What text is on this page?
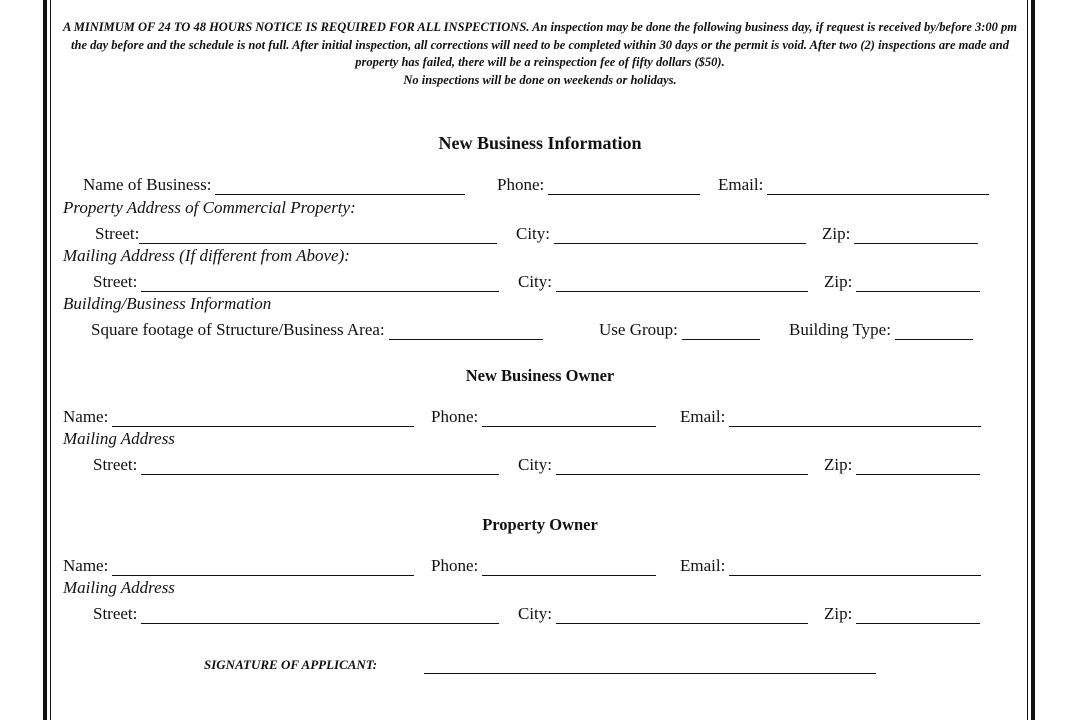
A MINIMUM OF 24 TO 48 HOURS NOTICE IS REQUIRED FOR ALL INSPECTIONS. An inspection may be done the following business day, if request is received by/before 3:00 pm the day before and the schedule is not full. After initial inspection, all corrections will need to be completed within 30 days or the permit is void. After two (2) inspections are made and property has failed, there will be a reinspection fee of fifty dollars ($50).
No inspections will be done on weekends or holidays.
New Business Information
Name of Business:	Phone:	Email:
Property Address of Commercial Property:
Street:	City:	Zip:
Mailing Address (If different from Above):
Street:	City:	Zip:
Building/Business Information
Square footage of Structure/Business Area:	Use Group:	Building Type:
New Business Owner
Name:	Phone:	Email:
Mailing Address
Street:	City:	Zip:
Property Owner
Name:	Phone:	Email:
Mailing Address
Street:	City:	Zip:
SIGNATURE OF APPLICANT:
